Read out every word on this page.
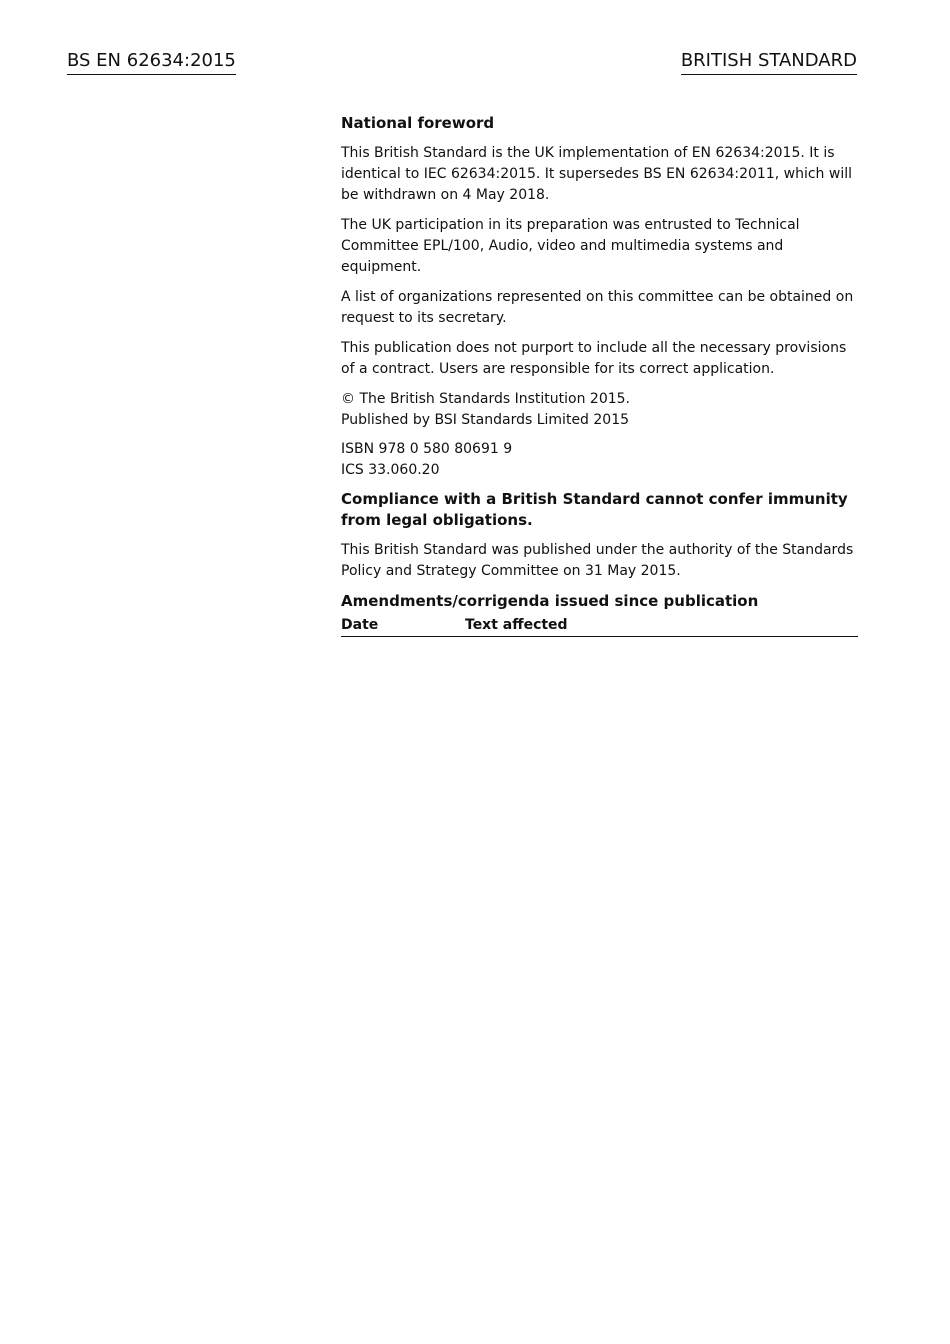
BS EN 62634:2015	BRITISH STANDARD

National foreword

This British Standard is the UK implementation of EN 62634:2015. It is identical to IEC 62634:2015. It supersedes BS EN 62634:2011, which will be withdrawn on 4 May 2018.

The UK participation in its preparation was entrusted to Technical Committee EPL/100, Audio, video and multimedia systems and equipment.

A list of organizations represented on this committee can be obtained on request to its secretary.

This publication does not purport to include all the necessary provisions of a contract. Users are responsible for its correct application.

© The British Standards Institution 2015.
Published by BSI Standards Limited 2015

ISBN 978 0 580 80691 9
ICS 33.060.20

Compliance with a British Standard cannot confer immunity from legal obligations.

This British Standard was published under the authority of the Standards Policy and Strategy Committee on 31 May 2015.

Amendments/corrigenda issued since publication

Date	Text affected
